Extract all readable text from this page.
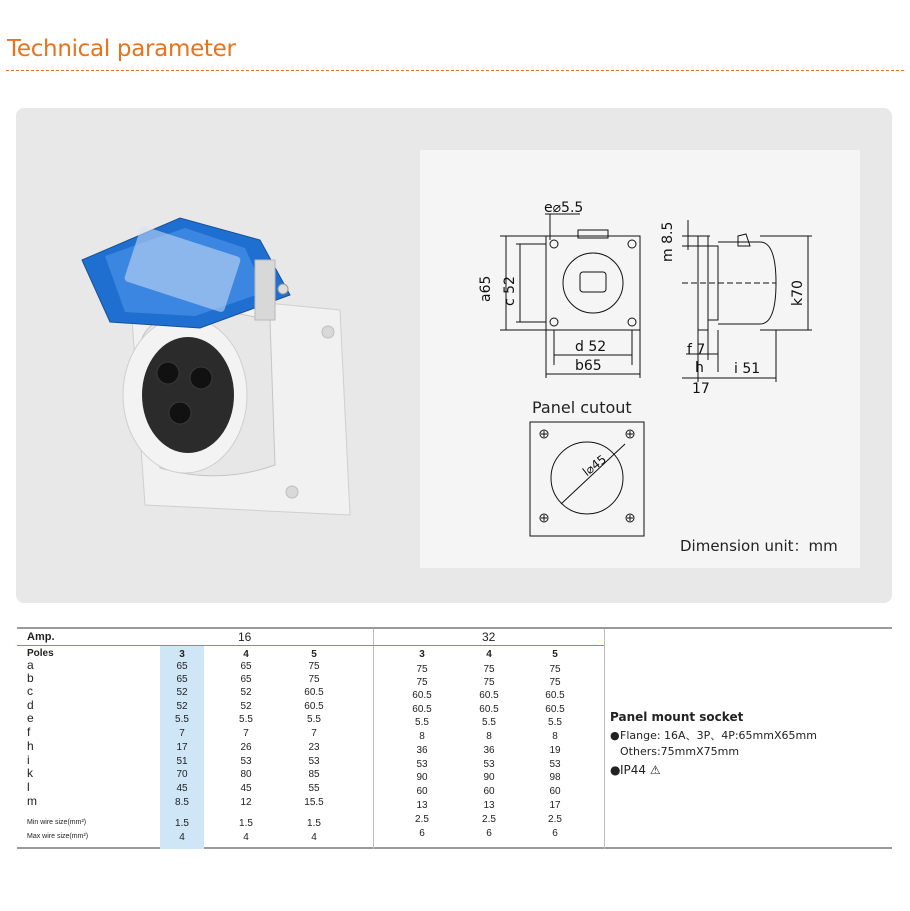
Technical parameter
e⌀5.5
m 8.5
a65 c 52
d 52
b65
f 7
h
17
i 51
k70
l⌀45
Panel cutout
Dimension unit：mm
Amp.	16	32
Poles
Panel mount socket
●Flange: 16A、3P、4P:65mmX65mm
Others:75mmX75mm
●IP44 ⚠
3	4	5	3	4	5
a	65	65	75	75	75	75
b	65	65	75	75	75	75
c	52	52	60.5	60.5	60.5	60.5
d	52	52	60.5	60.5	60.5	60.5
e	5.5	5.5	5.5	5.5	5.5	5.5
f	7	7	7	8	8	8
h	17	26	23	36	36	19
i	51	53	53	53	53	53
k	70	80	85	90	90	98
l	45	45	55	60	60	60
m	8.5	12	15.5	13	13	17
Min wire size(mm²)	1.5	1.5	1.5	2.5	2.5	2.5
Max wire size(mm²)	4	4	4	6	6	6
